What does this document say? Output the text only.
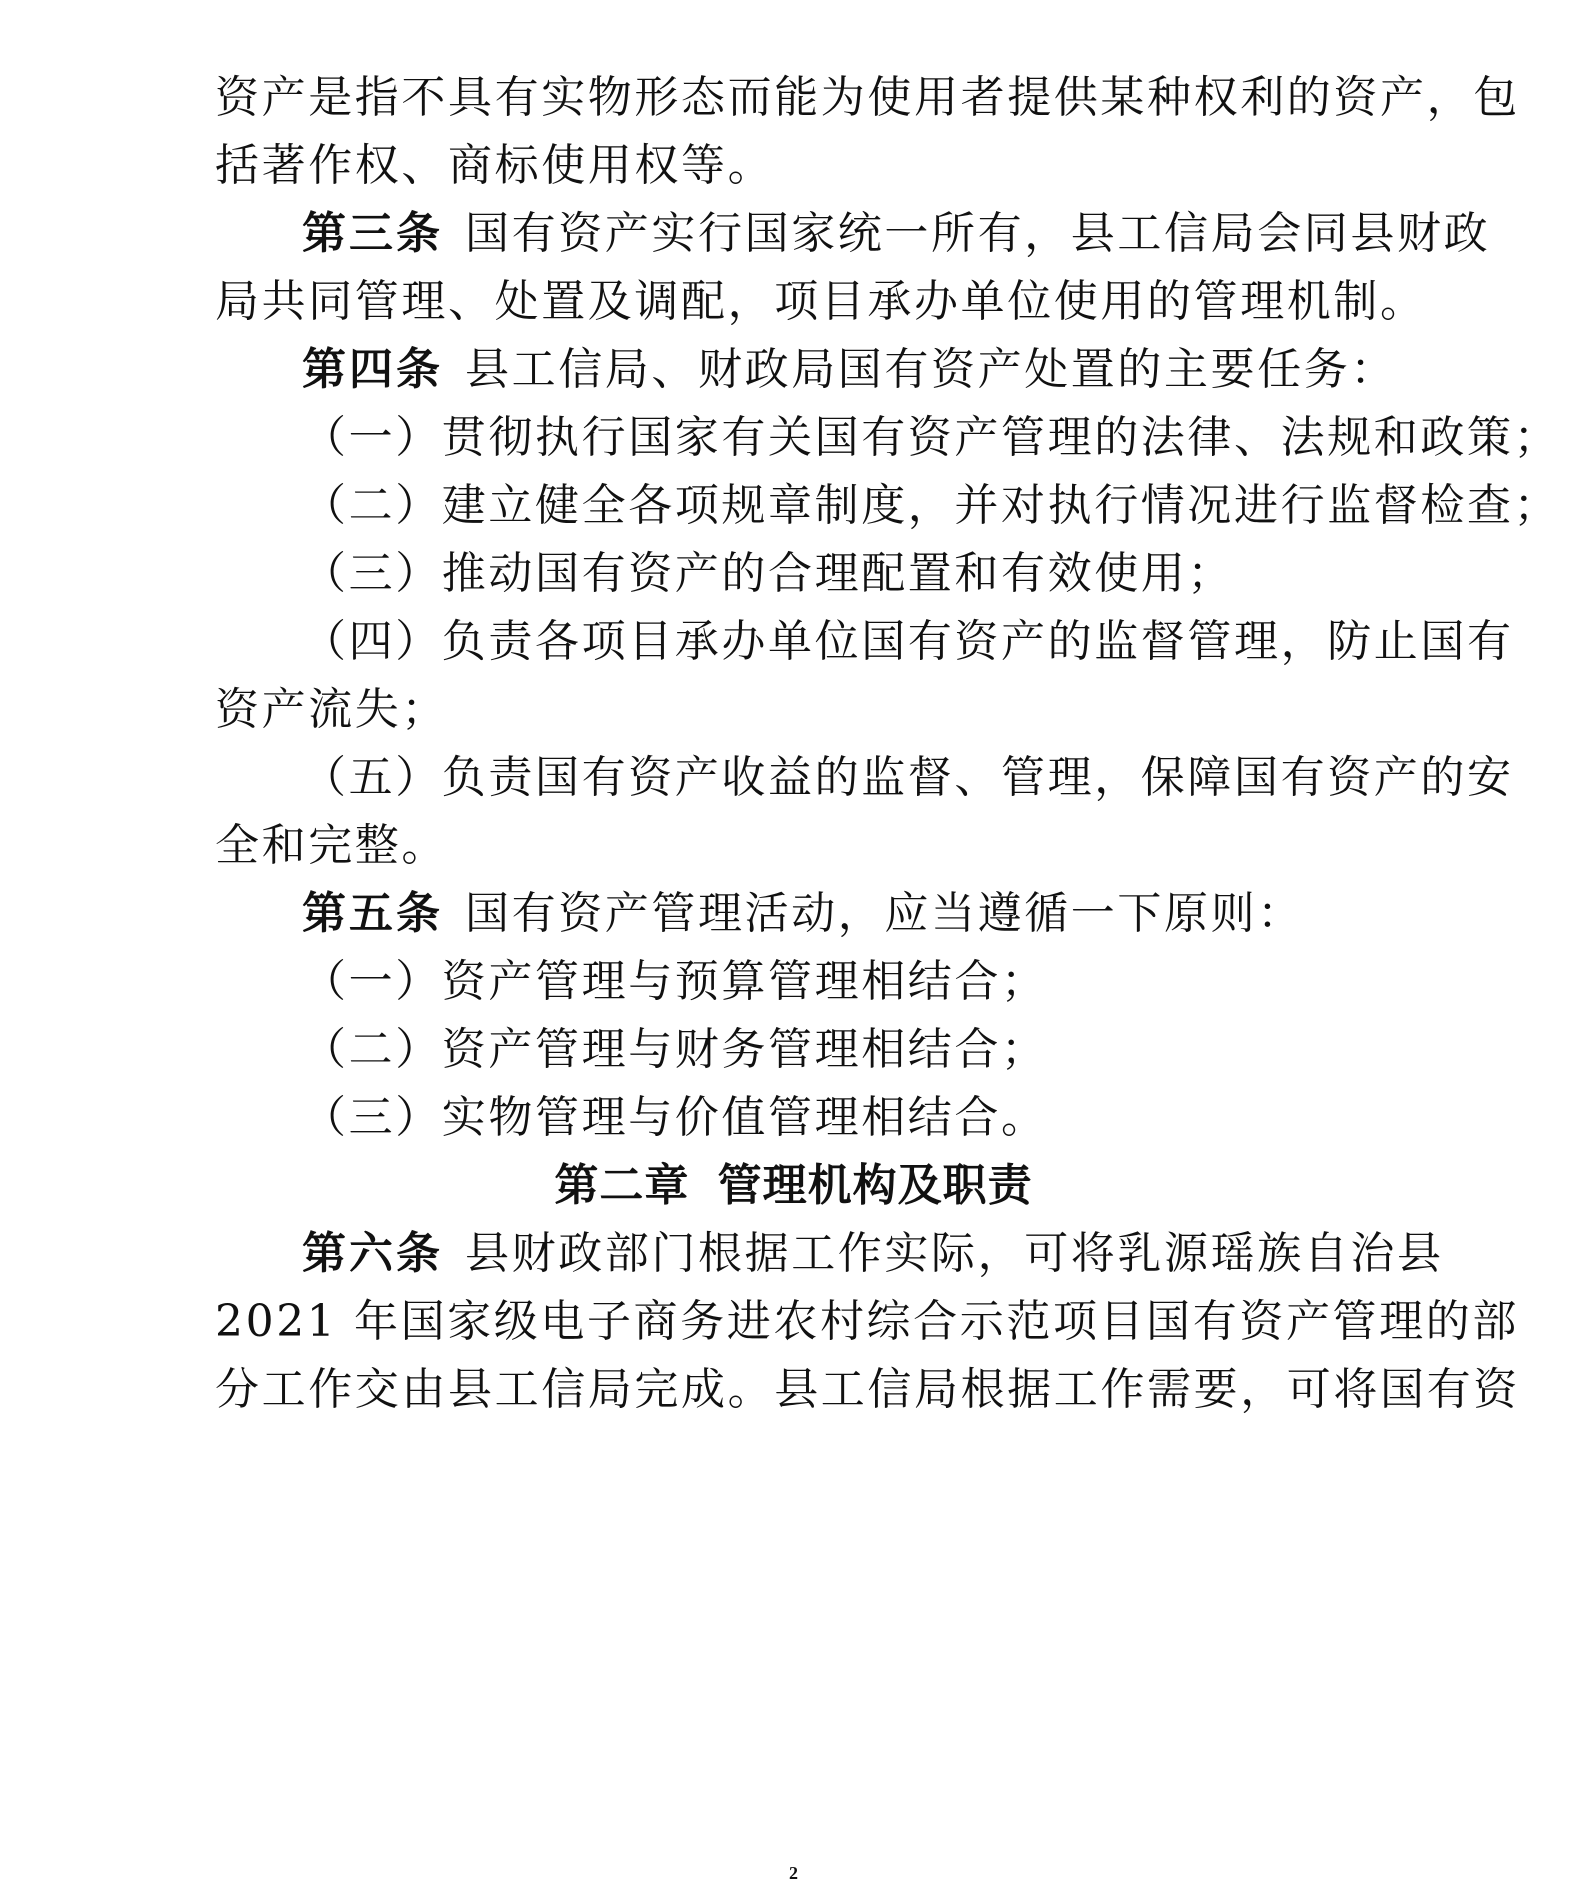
资产是指不具有实物形态而能为使用者提供某种权利的资产，包
括著作权、商标使用权等。
第三条 国有资产实行国家统一所有，县工信局会同县财政
局共同管理、处置及调配，项目承办单位使用的管理机制。
第四条 县工信局、财政局国有资产处置的主要任务：
（一）贯彻执行国家有关国有资产管理的法律、法规和政策；
（二）建立健全各项规章制度，并对执行情况进行监督检查；
（三）推动国有资产的合理配置和有效使用；
（四）负责各项目承办单位国有资产的监督管理，防止国有
资产流失；
（五）负责国有资产收益的监督、管理，保障国有资产的安
全和完整。
第五条 国有资产管理活动，应当遵循一下原则：
（一）资产管理与预算管理相结合；
（二）资产管理与财务管理相结合；
（三）实物管理与价值管理相结合。
第二章 管理机构及职责
第六条 县财政部门根据工作实际，可将乳源瑶族自治县
2021 年国家级电子商务进农村综合示范项目国有资产管理的部
分工作交由县工信局完成。县工信局根据工作需要，可将国有资
2
